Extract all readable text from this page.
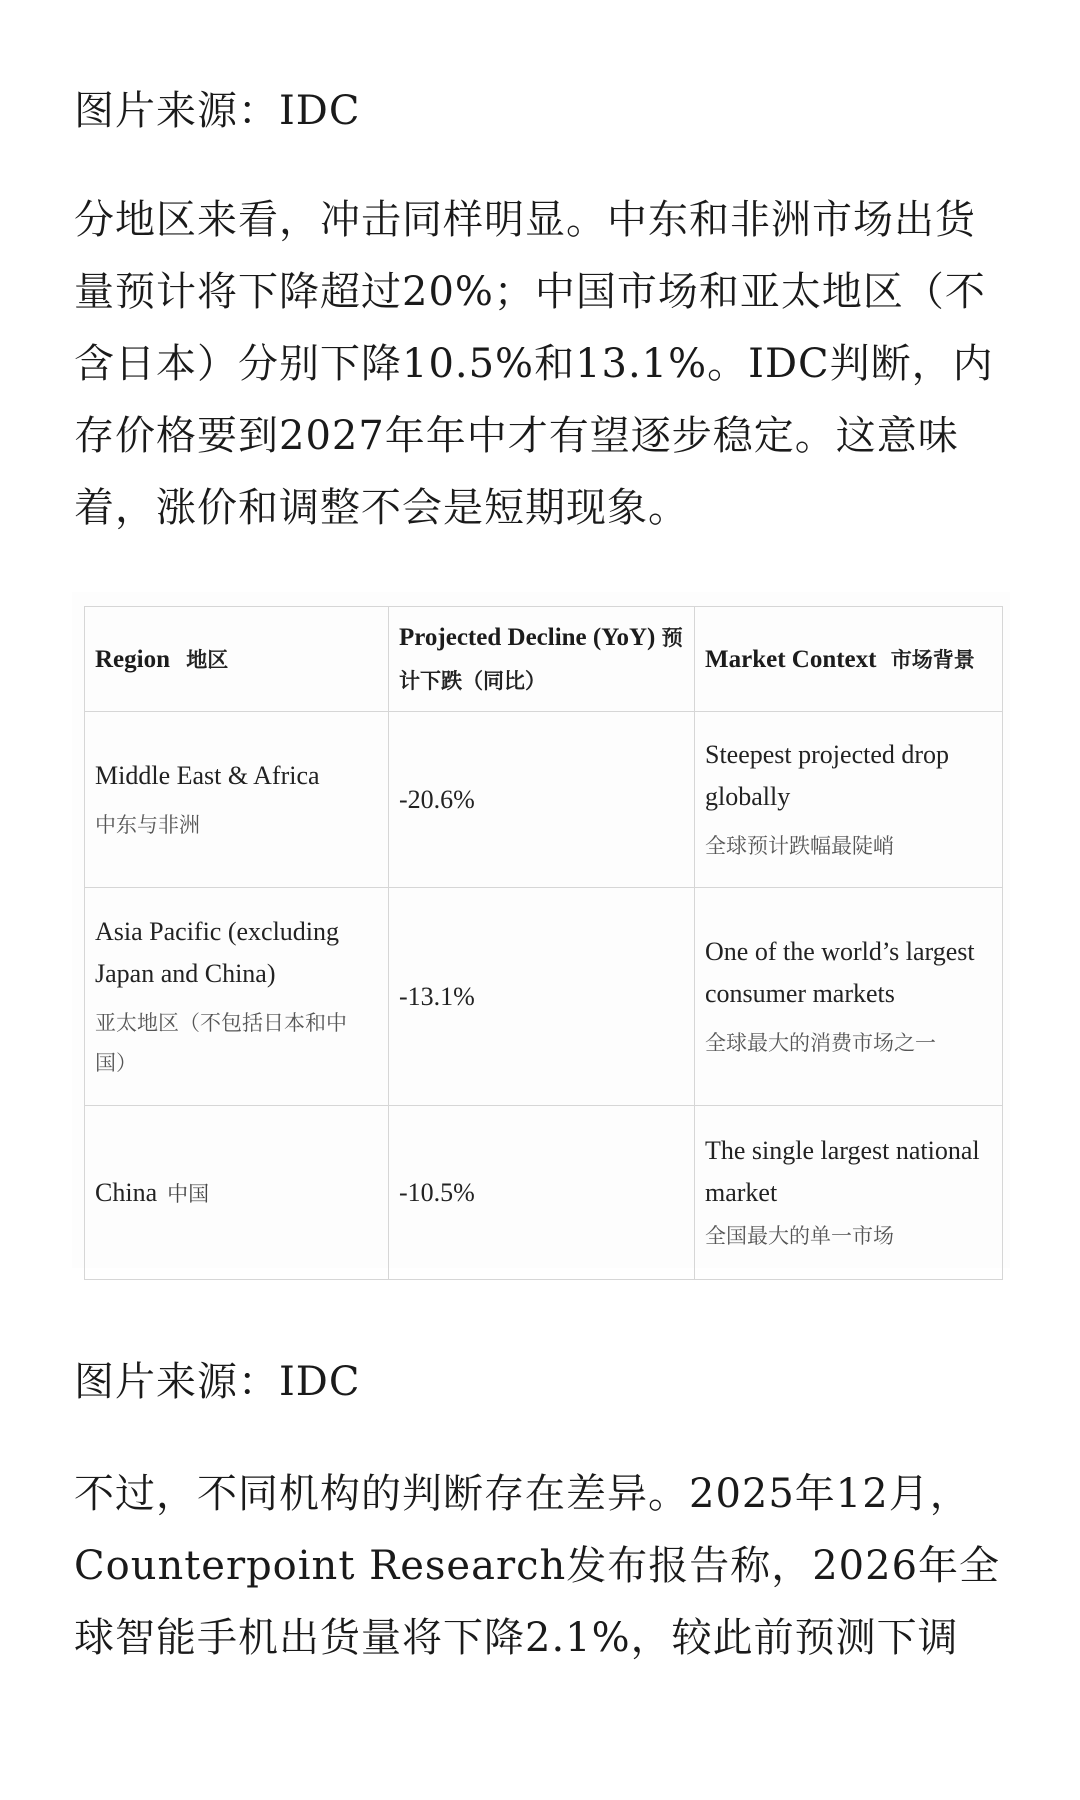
图片来源：IDC
分地区来看，冲击同样明显。中东和非洲市场出货
量预计将下降超过20%；中国市场和亚太地区（不
含日本）分别下降10.5%和13.1%。IDC判断，内
存价格要到2027年年中才有望逐步稳定。这意味
着，涨价和调整不会是短期现象。
Region 地区	Projected Decline (YoY) 预计下跌（同比）	Market Context 市场背景

Middle East & Africa
中东与非洲	-20.6%	Steepest projected drop globally
全球预计跌幅最陡峭

Asia Pacific (excluding Japan and China)
亚太地区（不包括日本和中国）	-13.1%	One of the world’s largest consumer markets
全球最大的消费市场之一

China 中国	-10.5%	The single largest national market
全国最大的单一市场
图片来源：IDC
不过，不同机构的判断存在差异。2025年12月，
Counterpoint Research发布报告称，2026年全
球智能手机出货量将下降2.1%，较此前预测下调
